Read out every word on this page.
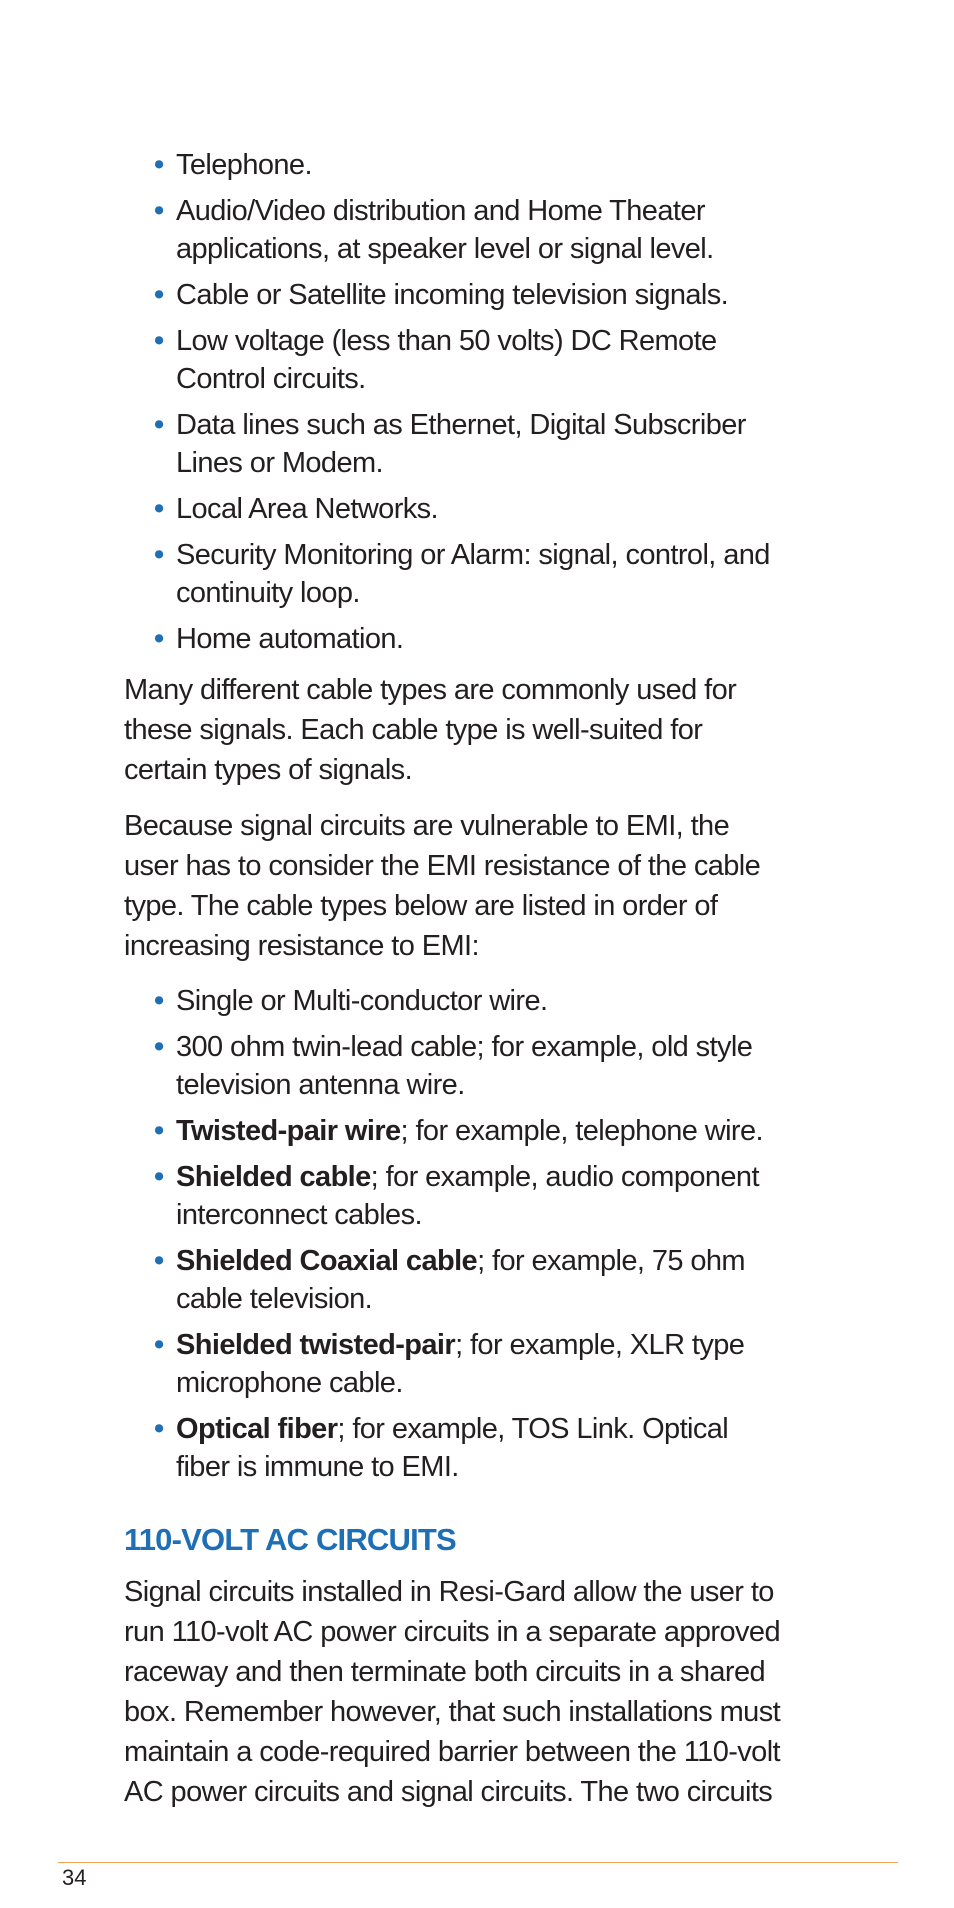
• Telephone.
• Audio/Video distribution and Home Theater applications, at speaker level or signal level.
• Cable or Satellite incoming television signals.
• Low voltage (less than 50 volts) DC Remote Control circuits.
• Data lines such as Ethernet, Digital Subscriber Lines or Modem.
• Local Area Networks.
• Security Monitoring or Alarm: signal, control, and continuity loop.
• Home automation.

Many different cable types are commonly used for these signals. Each cable type is well-suited for certain types of signals.

Because signal circuits are vulnerable to EMI, the user has to consider the EMI resistance of the cable type. The cable types below are listed in order of increasing resistance to EMI:

• Single or Multi-conductor wire.
• 300 ohm twin-lead cable; for example, old style television antenna wire.
• Twisted-pair wire; for example, telephone wire.
• Shielded cable; for example, audio component interconnect cables.
• Shielded Coaxial cable; for example, 75 ohm cable television.
• Shielded twisted-pair; for example, XLR type microphone cable.
• Optical fiber; for example, TOS Link. Optical fiber is immune to EMI.
110-VOLT AC CIRCUITS

Signal circuits installed in Resi-Gard allow the user to run 110-volt AC power circuits in a separate approved raceway and then terminate both circuits in a shared box. Remember however, that such installations must maintain a code-required barrier between the 110-volt AC power circuits and signal circuits. The two circuits

34
